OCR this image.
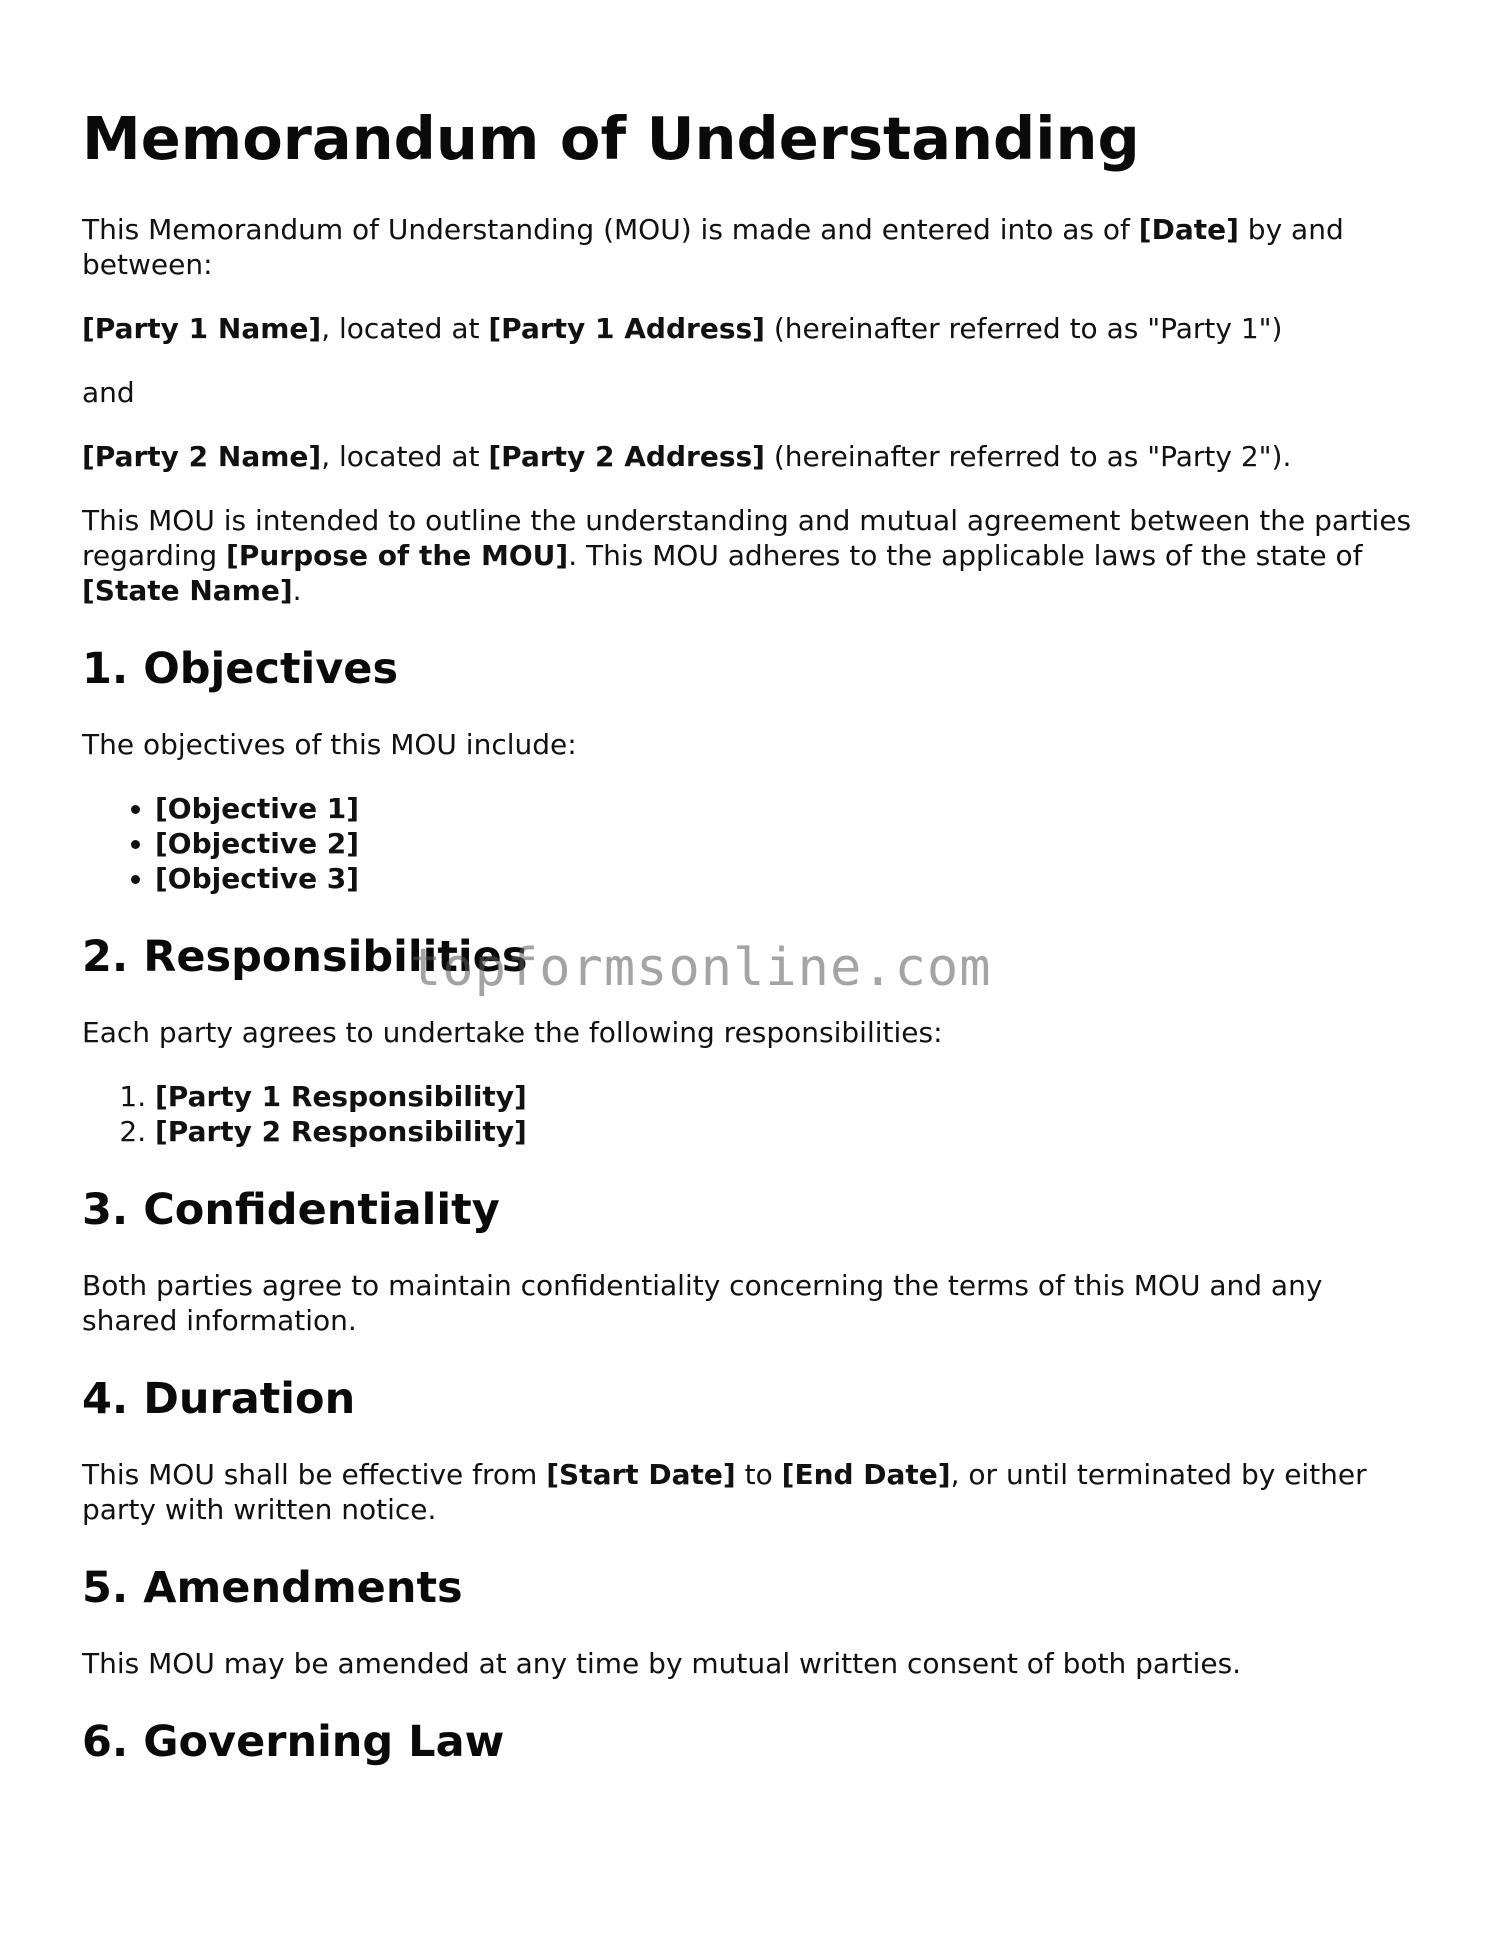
Memorandum of Understanding

This Memorandum of Understanding (MOU) is made and entered into as of [Date] by and between:

[Party 1 Name], located at [Party 1 Address] (hereinafter referred to as "Party 1")

and

[Party 2 Name], located at [Party 2 Address] (hereinafter referred to as "Party 2").

This MOU is intended to outline the understanding and mutual agreement between the parties regarding [Purpose of the MOU]. This MOU adheres to the applicable laws of the state of [State Name].

1. Objectives

The objectives of this MOU include:

• [Objective 1]
• [Objective 2]
• [Objective 3]
2. Responsibilities

Each party agrees to undertake the following responsibilities:

1. [Party 1 Responsibility]
2. [Party 2 Responsibility]
3. Confidentiality

Both parties agree to maintain confidentiality concerning the terms of this MOU and any shared information.

4. Duration

This MOU shall be effective from [Start Date] to [End Date], or until terminated by either party with written notice.

5. Amendments

This MOU may be amended at any time by mutual written consent of both parties.

6. Governing Law
topformsonline.com
